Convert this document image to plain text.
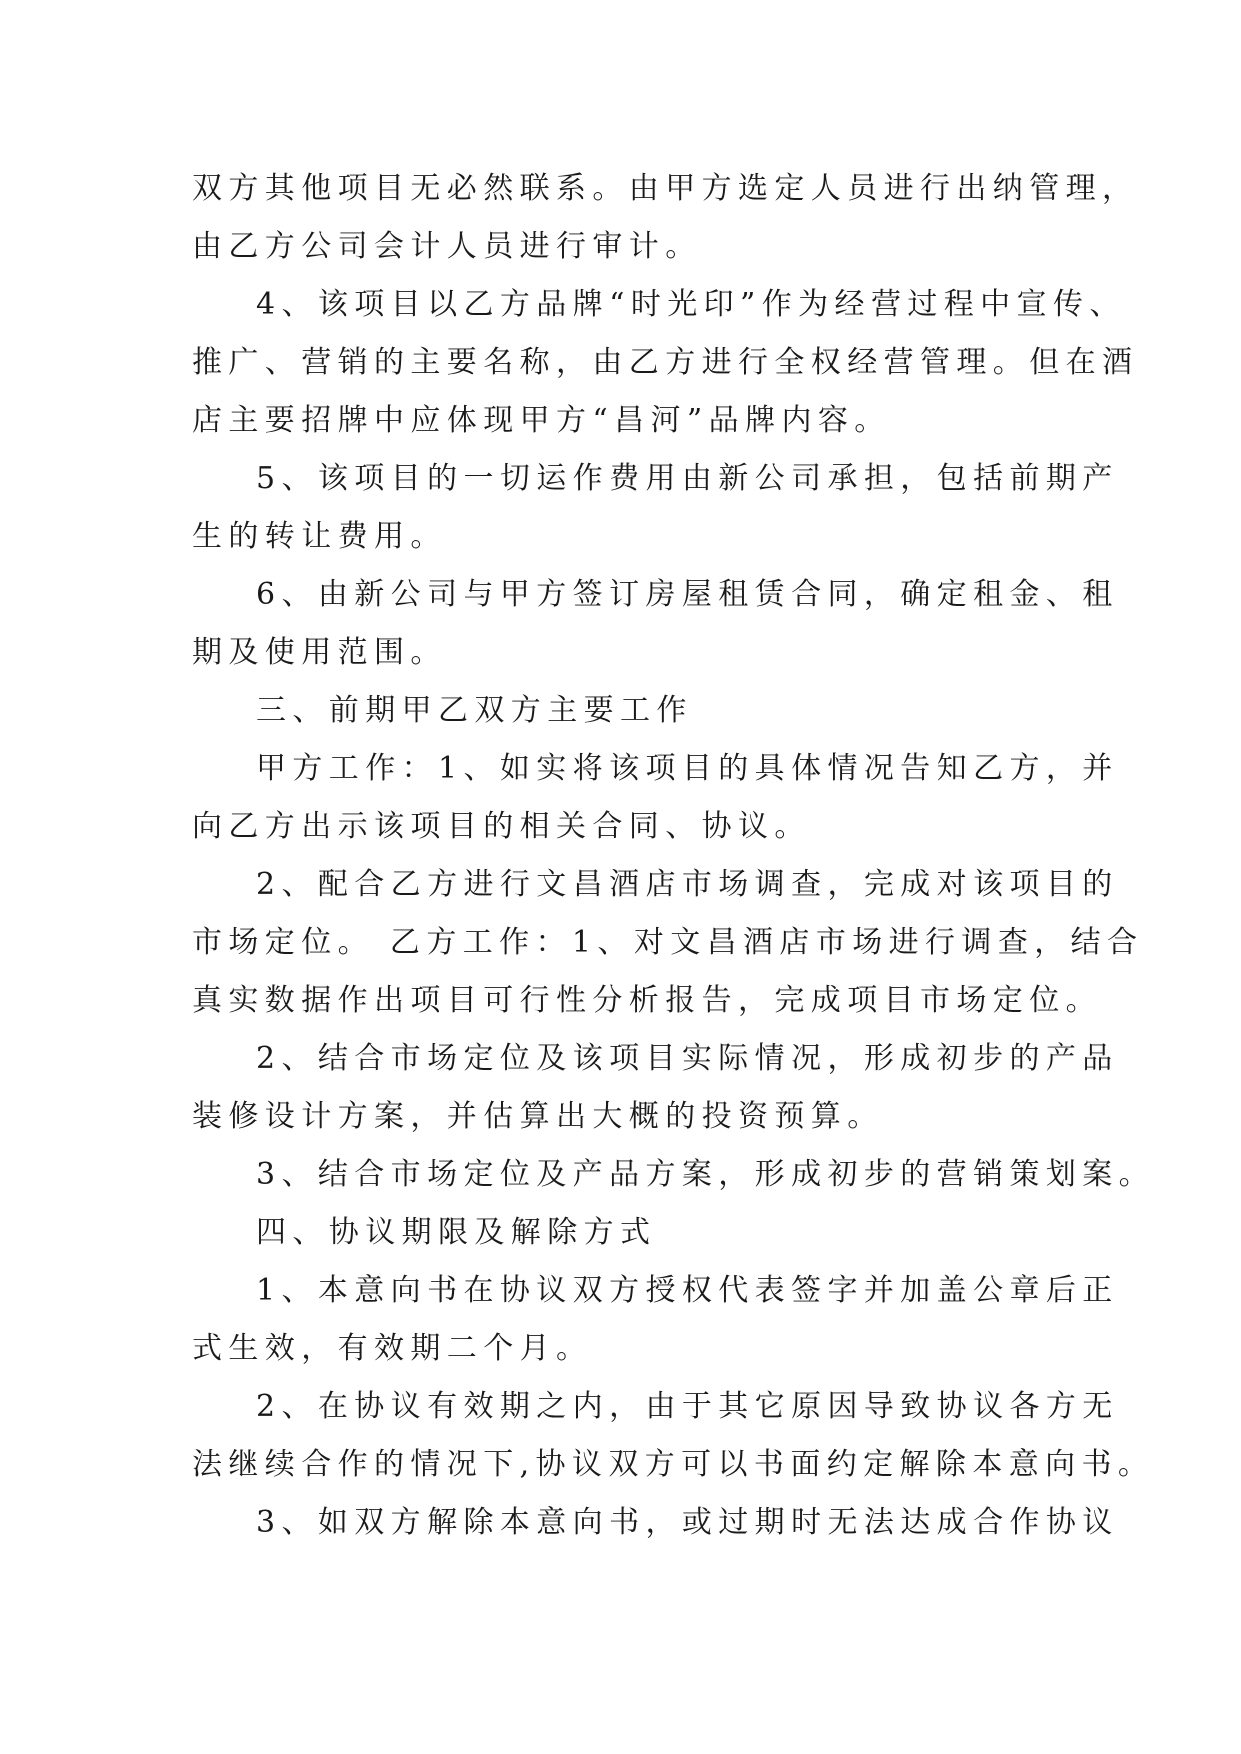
双方其他项目无必然联系。由甲方选定人员进行出纳管理，
由乙方公司会计人员进行审计。
4、该项目以乙方品牌“时光印”作为经营过程中宣传、
推广、营销的主要名称，由乙方进行全权经营管理。但在酒
店主要招牌中应体现甲方“昌河”品牌内容。
5、该项目的一切运作费用由新公司承担，包括前期产
生的转让费用。
6、由新公司与甲方签订房屋租赁合同，确定租金、租
期及使用范围。
三、前期甲乙双方主要工作
甲方工作：1、如实将该项目的具体情况告知乙方，并
向乙方出示该项目的相关合同、协议。
2、配合乙方进行文昌酒店市场调查，完成对该项目的
市场定位。 乙方工作：1、对文昌酒店市场进行调查，结合
真实数据作出项目可行性分析报告，完成项目市场定位。
2、结合市场定位及该项目实际情况，形成初步的产品
装修设计方案，并估算出大概的投资预算。
3、结合市场定位及产品方案，形成初步的营销策划案。
四、协议期限及解除方式
1、本意向书在协议双方授权代表签字并加盖公章后正
式生效，有效期二个月。
2、在协议有效期之内，由于其它原因导致协议各方无
法继续合作的情况下,协议双方可以书面约定解除本意向书。
3、如双方解除本意向书，或过期时无法达成合作协议
